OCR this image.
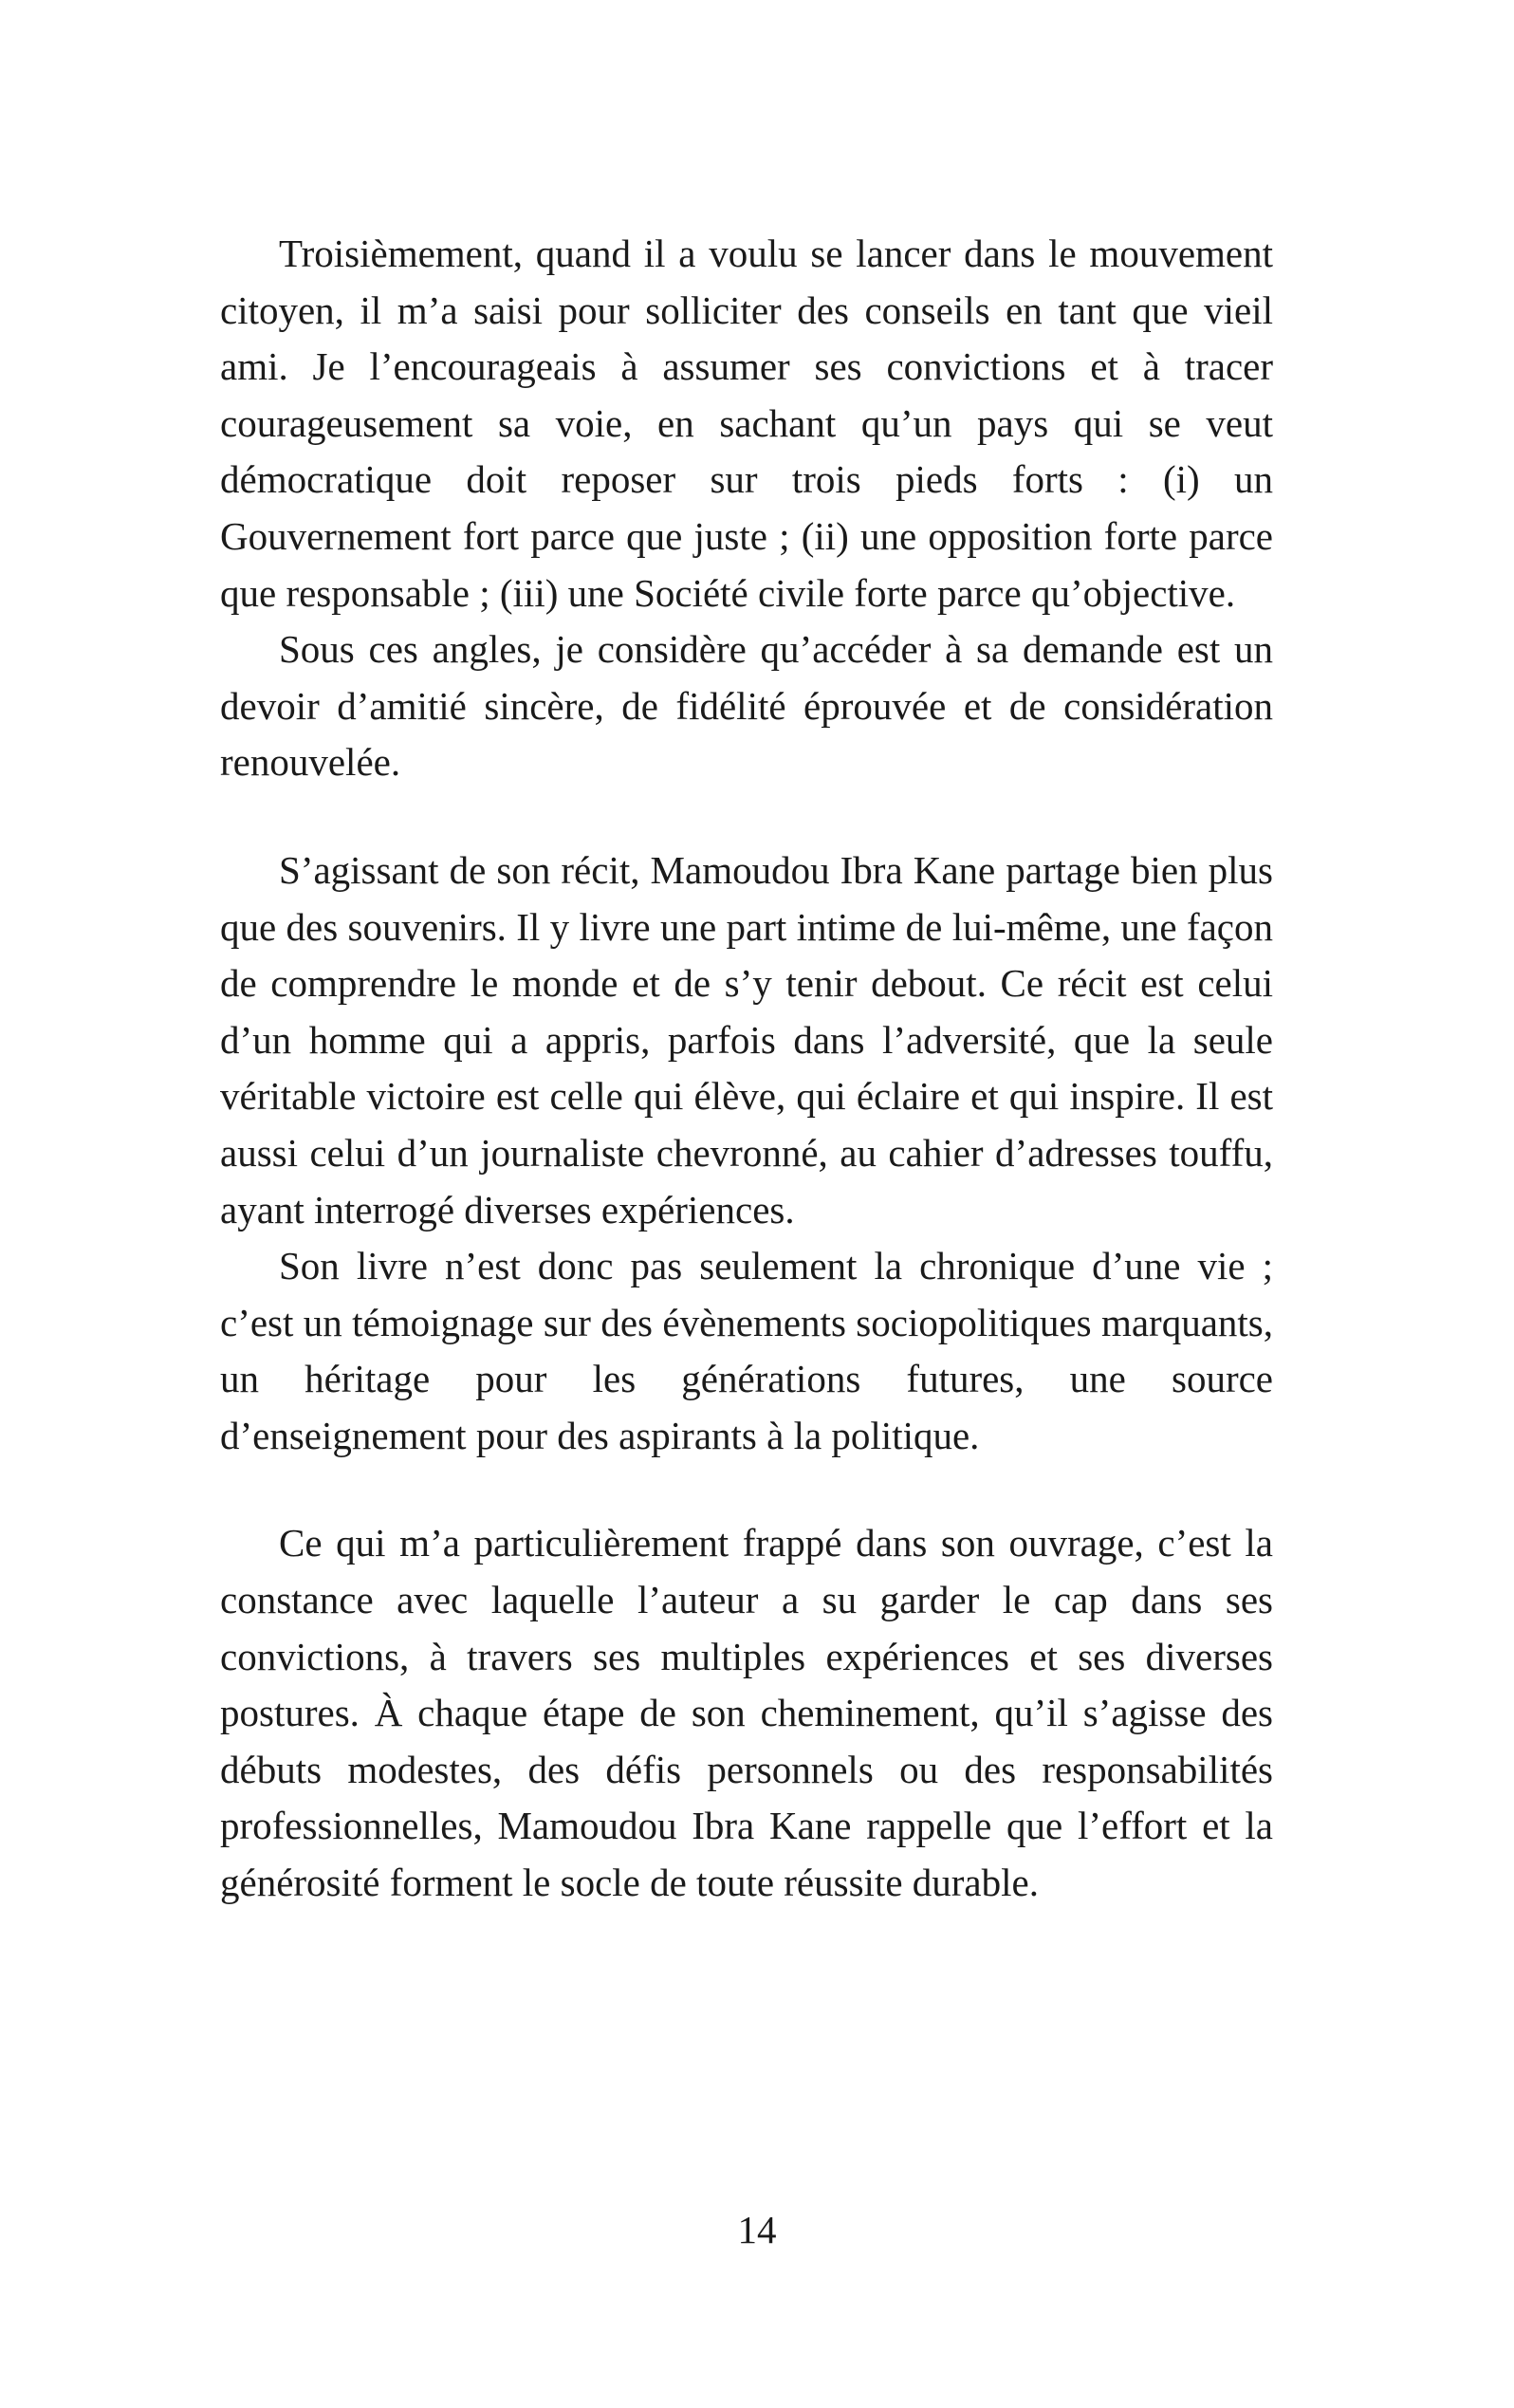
Troisièmement, quand il a voulu se lancer dans le mouvement citoyen, il m’a saisi pour solliciter des conseils en tant que vieil ami. Je l’encourageais à assumer ses convictions et à tracer courageusement sa voie, en sachant qu’un pays qui se veut démocratique doit reposer sur trois pieds forts : (i) un Gouvernement fort parce que juste ; (ii) une opposition forte parce que responsable ; (iii) une Société civile forte parce qu’objective.

Sous ces angles, je considère qu’accéder à sa demande est un devoir d’amitié sincère, de fidélité éprouvée et de considération renouvelée.

S’agissant de son récit, Mamoudou Ibra Kane partage bien plus que des souvenirs. Il y livre une part intime de lui-même, une façon de comprendre le monde et de s’y tenir debout. Ce récit est celui d’un homme qui a appris, parfois dans l’adversité, que la seule véritable victoire est celle qui élève, qui éclaire et qui inspire. Il est aussi celui d’un journaliste chevronné, au cahier d’adresses touffu, ayant interrogé diverses expériences.

Son livre n’est donc pas seulement la chronique d’une vie ; c’est un témoignage sur des évènements sociopolitiques marquants, un héritage pour les générations futures, une source d’enseignement pour des aspirants à la politique.

Ce qui m’a particulièrement frappé dans son ouvrage, c’est la constance avec laquelle l’auteur a su garder le cap dans ses convictions, à travers ses multiples expériences et ses diverses postures. À chaque étape de son cheminement, qu’il s’agisse des débuts modestes, des défis personnels ou des responsabilités professionnelles, Mamoudou Ibra Kane rappelle que l’effort et la générosité forment le socle de toute réussite durable.

14
